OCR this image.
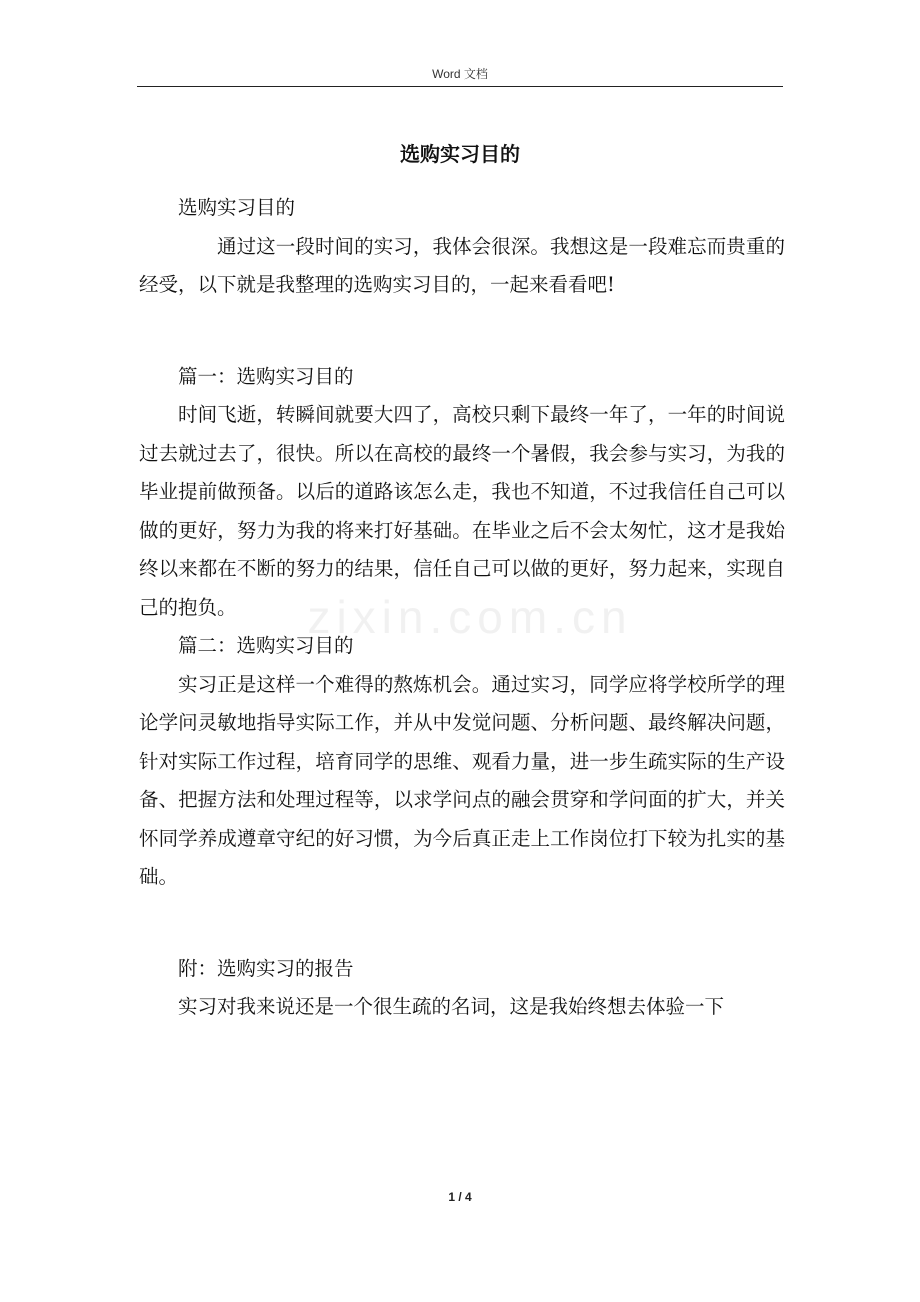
Word 文档
zixin.com.cn
选购实习目的

选购实习目的

通过这一段时间的实习，我体会很深。我想这是一段难忘而贵重的经受，以下就是我整理的选购实习目的，一起来看看吧!

篇一：选购实习目的

时间飞逝，转瞬间就要大四了，高校只剩下最终一年了，一年的时间说过去就过去了，很快。所以在高校的最终一个暑假，我会参与实习，为我的毕业提前做预备。以后的道路该怎么走，我也不知道，不过我信任自己可以做的更好，努力为我的将来打好基础。在毕业之后不会太匆忙，这才是我始终以来都在不断的努力的结果，信任自己可以做的更好，努力起来，实现自己的抱负。

篇二：选购实习目的

实习正是这样一个难得的熬炼机会。通过实习，同学应将学校所学的理论学问灵敏地指导实际工作，并从中发觉问题、分析问题、最终解决问题，针对实际工作过程，培育同学的思维、观看力量，进一步生疏实际的生产设备、把握方法和处理过程等，以求学问点的融会贯穿和学问面的扩大，并关怀同学养成遵章守纪的好习惯，为今后真正走上工作岗位打下较为扎实的基础。

附：选购实习的报告

实习对我来说还是一个很生疏的名词，这是我始终想去体验一下

1 / 4
